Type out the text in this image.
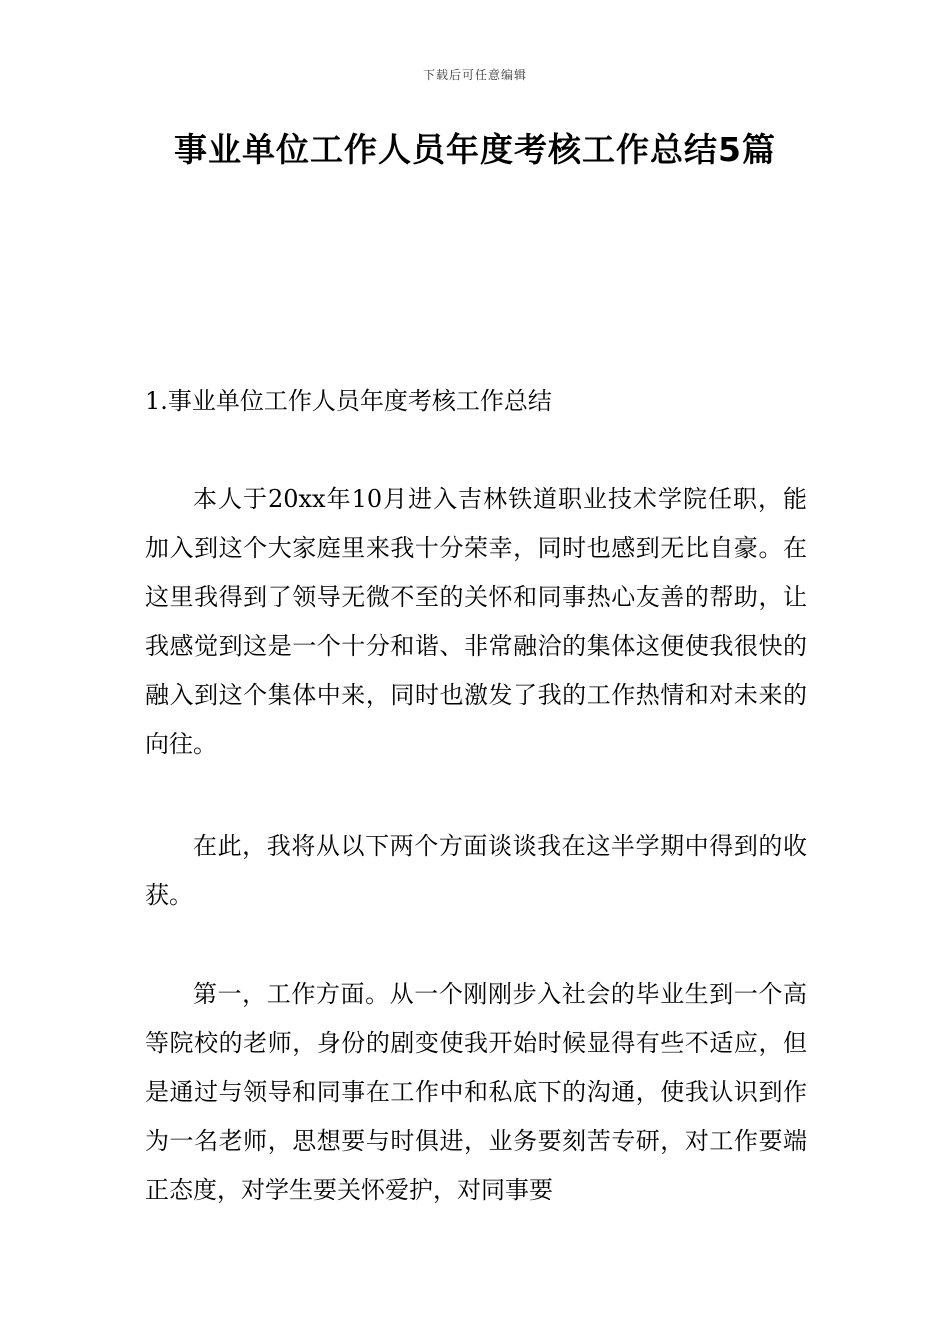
下载后可任意编辑
事业单位工作人员年度考核工作总结5篇
1.事业单位工作人员年度考核工作总结

本人于20xx年10月进入吉林铁道职业技术学院任职，能加入到这个大家庭里来我十分荣幸，同时也感到无比自豪。在这里我得到了领导无微不至的关怀和同事热心友善的帮助，让我感觉到这是一个十分和谐、非常融洽的集体这便使我很快的融入到这个集体中来，同时也激发了我的工作热情和对未来的向往。

在此，我将从以下两个方面谈谈我在这半学期中得到的收获。

第一，工作方面。从一个刚刚步入社会的毕业生到一个高等院校的老师，身份的剧变使我开始时候显得有些不适应，但是通过与领导和同事在工作中和私底下的沟通，使我认识到作为一名老师，思想要与时俱进，业务要刻苦专研，对工作要端正态度，对学生要关怀爱护，对同事要
